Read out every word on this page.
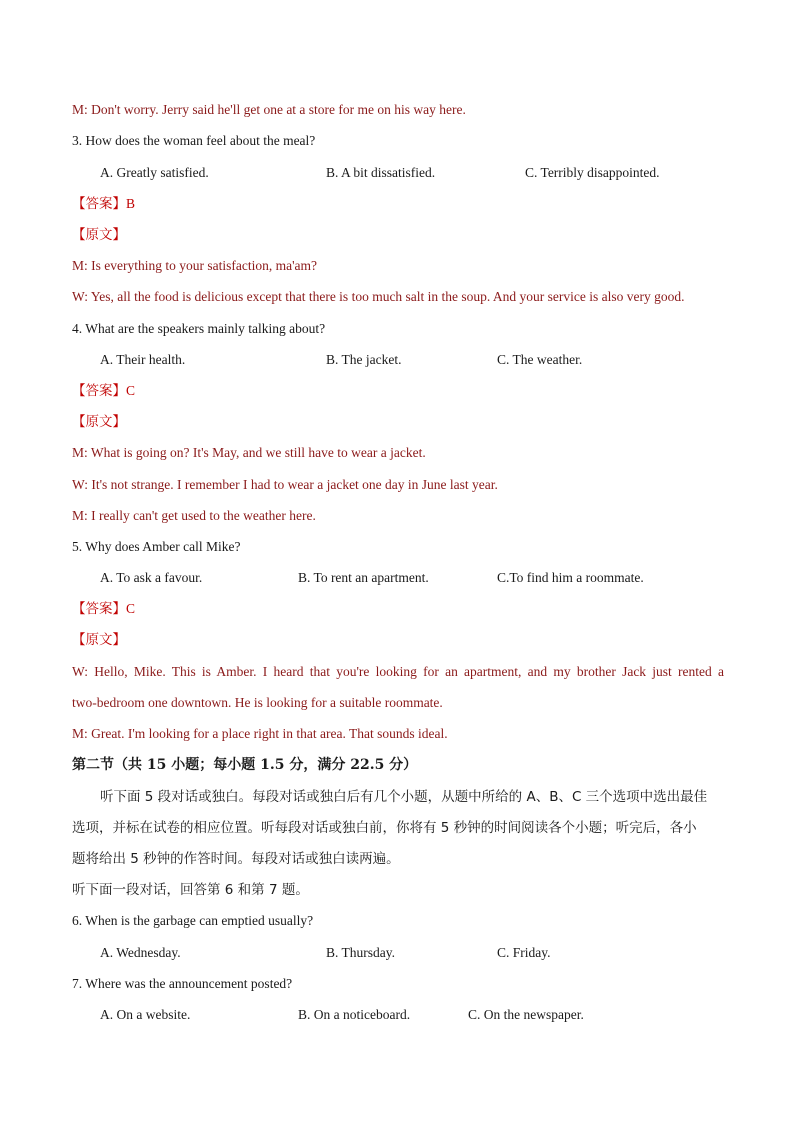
M: Don't worry. Jerry said he'll get one at a store for me on his way here.
3. How does the woman feel about the meal?
A. Greatly satisfied.	B. A bit dissatisfied.	C. Terribly disappointed.
【答案】B
【原文】
M: Is everything to your satisfaction, ma'am?
W: Yes, all the food is delicious except that there is too much salt in the soup. And your service is also very good.
4. What are the speakers mainly talking about?
A. Their health.	B. The jacket.	C. The weather.
【答案】C
【原文】
M: What is going on? It's May, and we still have to wear a jacket.
W: It's not strange. I remember I had to wear a jacket one day in June last year.
M: I really can't get used to the weather here.
5. Why does Amber call Mike?
A. To ask a favour.	B. To rent an apartment.	C.To find him a roommate.
【答案】C
【原文】
W: Hello, Mike. This is Amber. I heard that you're looking for an apartment, and my brother Jack just rented a
two-bedroom one downtown. He is looking for a suitable roommate.
M: Great. I'm looking for a place right in that area. That sounds ideal.
第二节（共 15 小题；每小题 1.5 分，满分 22.5 分）
听下面 5 段对话或独白。每段对话或独白后有几个小题，从题中所给的 A、B、C 三个选项中选出最佳
选项，并标在试卷的相应位置。听每段对话或独白前，你将有 5 秒钟的时间阅读各个小题；听完后，各小
题将给出 5 秒钟的作答时间。每段对话或独白读两遍。
听下面一段对话，回答第 6 和第 7 题。
6. When is the garbage can emptied usually?
A. Wednesday.	B. Thursday.	C. Friday.
7. Where was the announcement posted?
A. On a website.	B. On a noticeboard.	C. On the newspaper.
